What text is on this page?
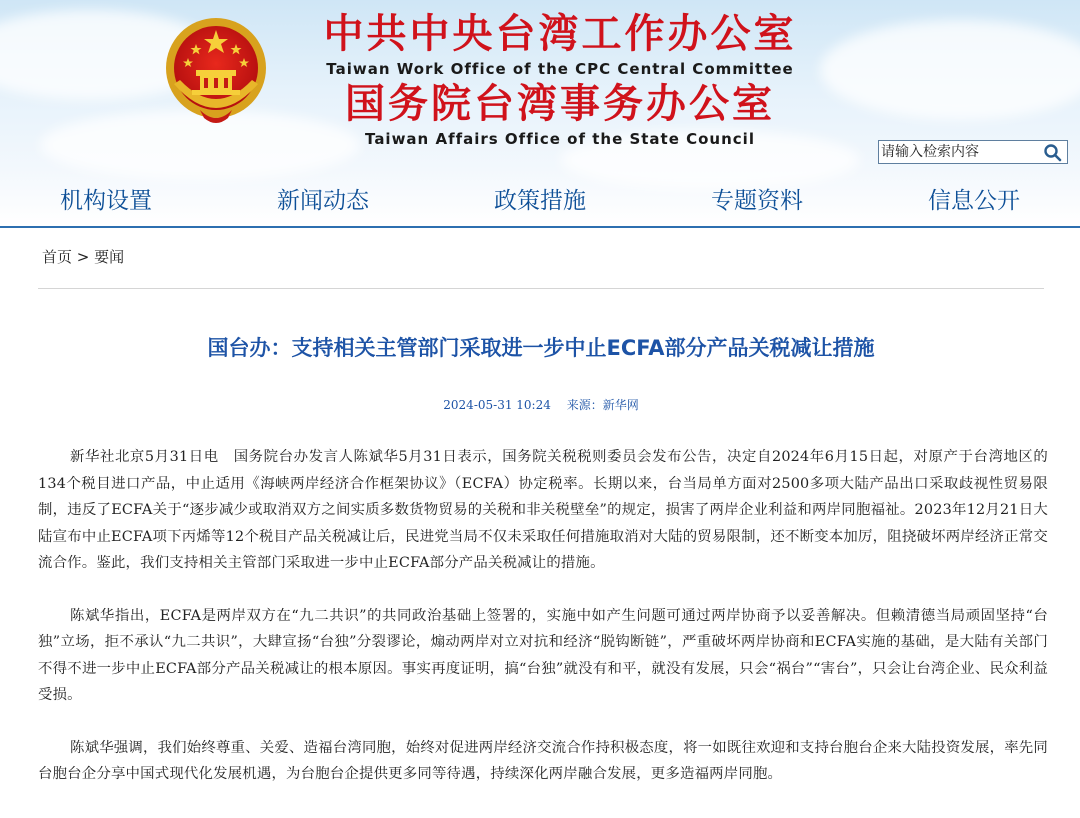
中共中央台湾工作办公室
Taiwan Work Office of the CPC Central Committee
国务院台湾事务办公室
Taiwan Affairs Office of the State Council
请输入检索内容
机构设置	新闻动态	政策措施	专题资料	信息公开
首页 > 要闻
国台办：支持相关主管部门采取进一步中止ECFA部分产品关税减让措施
2024-05-31 10:24 来源：新华网

新华社北京5月31日电　国务院台办发言人陈斌华5月31日表示，国务院关税税则委员会发布公告，决定自2024年6月15日起，对原产于台湾地区的134个税目进口产品，中止适用《海峡两岸经济合作框架协议》（ECFA）协定税率。长期以来，台当局单方面对2500多项大陆产品出口采取歧视性贸易限制，违反了ECFA关于“逐步减少或取消双方之间实质多数货物贸易的关税和非关税壁垒”的规定，损害了两岸企业利益和两岸同胞福祉。2023年12月21日大陆宣布中止ECFA项下丙烯等12个税目产品关税减让后，民进党当局不仅未采取任何措施取消对大陆的贸易限制，还不断变本加厉，阻挠破坏两岸经济正常交流合作。鉴此，我们支持相关主管部门采取进一步中止ECFA部分产品关税减让的措施。

陈斌华指出，ECFA是两岸双方在“九二共识”的共同政治基础上签署的，实施中如产生问题可通过两岸协商予以妥善解决。但赖清德当局顽固坚持“台独”立场，拒不承认“九二共识”，大肆宣扬“台独”分裂谬论，煽动两岸对立对抗和经济“脱钩断链”，严重破坏两岸协商和ECFA实施的基础，是大陆有关部门不得不进一步中止ECFA部分产品关税减让的根本原因。事实再度证明，搞“台独”就没有和平，就没有发展，只会“祸台”“害台”，只会让台湾企业、民众利益受损。

陈斌华强调，我们始终尊重、关爱、造福台湾同胞，始终对促进两岸经济交流合作持积极态度，将一如既往欢迎和支持台胞台企来大陆投资发展，率先同台胞台企分享中国式现代化发展机遇，为台胞台企提供更多同等待遇，持续深化两岸融合发展，更多造福两岸同胞。
